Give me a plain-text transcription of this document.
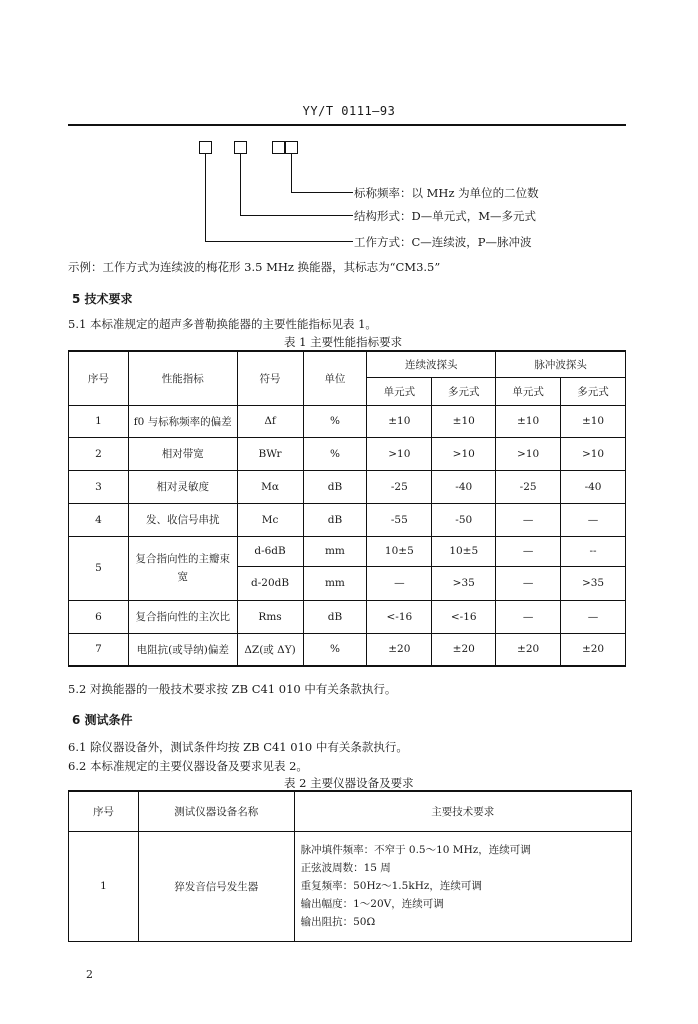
YY/T 0111—93
标称频率：以 MHz 为单位的二位数
结构形式：D—单元式，M—多元式
工作方式：C—连续波，P—脉冲波
示例：工作方式为连续波的梅花形 3.5 MHz 换能器，其标志为“CM3.5”
5 技术要求
5.1 本标准规定的超声多普勒换能器的主要性能指标见表 1。
表 1 主要性能指标要求
序号	性能指标	符号	单位	连续波探头		脉冲波探头	
				单元式	多元式	单元式	多元式
1	f0 与标称频率的偏差	Δf	%	±10	±10	±10	±10
2	相对带宽	BWr	%	>10	>10	>10	>10
3	相对灵敏度	Mα	dB	-25	-40	-25	-40
4	发、收信号串扰	Mc	dB	-55	-50	—	—
5	复合指向性的主瓣束宽	d-6dB	mm	10±5	10±5	—	--
		d-20dB	mm	—	>35	—	>35
6	复合指向性的主次比	Rms	dB	<-16	<-16	—	—
7	电阻抗(或导纳)偏差	ΔZ(或 ΔY)	%	±20	±20	±20	±20
5.2 对换能器的一般技术要求按 ZB C41 010 中有关条款执行。
6 测试条件
6.1 除仪器设备外，测试条件均按 ZB C41 010 中有关条款执行。
6.2 本标准规定的主要仪器设备及要求见表 2。
表 2 主要仪器设备及要求
序号	测试仪器设备名称	主要技术要求
1	猝发音信号发生器	脉冲填件频率：不窄于 0.5～10 MHz，连续可调
正弦波周数：15 周
重复频率：50Hz～1.5kHz，连续可调
输出幅度：1～20V，连续可调
输出阻抗：50Ω
2
